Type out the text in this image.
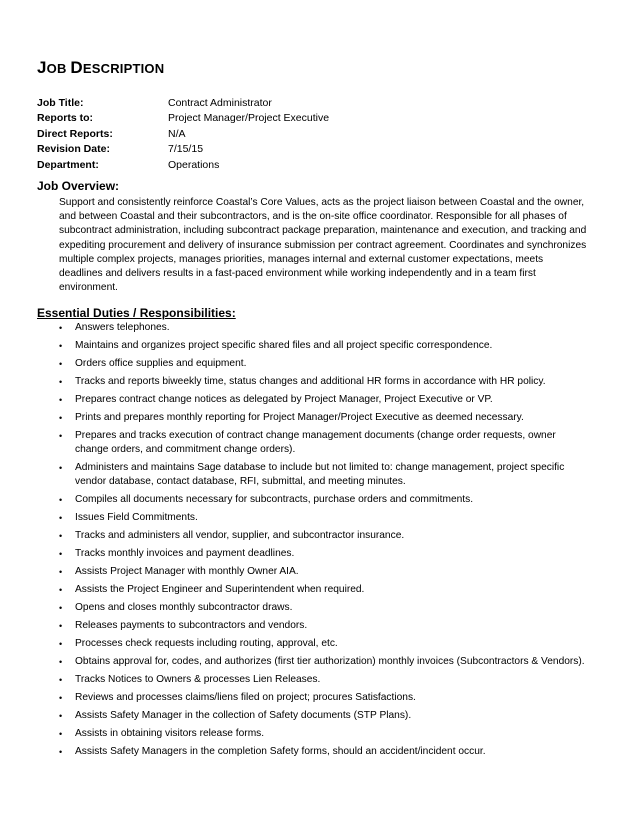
JOB DESCRIPTION
Job Title:	Contract Administrator
Reports to:	Project Manager/Project Executive
Direct Reports:	N/A
Revision Date:	7/15/15
Department:	Operations
Job Overview:
Support and consistently reinforce Coastal’s Core Values, acts as the project liaison between Coastal and the owner, and between Coastal and their subcontractors, and is the on-site office coordinator. Responsible for all phases of subcontract administration, including subcontract package preparation, maintenance and execution, and tracking and expediting procurement and delivery of insurance submission per contract agreement. Coordinates and synchronizes multiple complex projects, manages priorities, manages internal and external customer expectations, meets deadlines and delivers results in a fast-paced environment while working independently and in a team first environment.
Essential Duties / Responsibilities:
• Answers telephones.
• Maintains and organizes project specific shared files and all project specific correspondence.
• Orders office supplies and equipment.
• Tracks and reports biweekly time, status changes and additional HR forms in accordance with HR policy.
• Prepares contract change notices as delegated by Project Manager, Project Executive or VP.
• Prints and prepares monthly reporting for Project Manager/Project Executive as deemed necessary.
• Prepares and tracks execution of contract change management documents (change order requests, owner change orders, and commitment change orders).
• Administers and maintains Sage database to include but not limited to: change management, project specific vendor database, contact database, RFI, submittal, and meeting minutes.
• Compiles all documents necessary for subcontracts, purchase orders and commitments.
• Issues Field Commitments.
• Tracks and administers all vendor, supplier, and subcontractor insurance.
• Tracks monthly invoices and payment deadlines.
• Assists Project Manager with monthly Owner AIA.
• Assists the Project Engineer and Superintendent when required.
• Opens and closes monthly subcontractor draws.
• Releases payments to subcontractors and vendors.
• Processes check requests including routing, approval, etc.
• Obtains approval for, codes, and authorizes (first tier authorization) monthly invoices (Subcontractors & Vendors).
• Tracks Notices to Owners & processes Lien Releases.
• Reviews and processes claims/liens filed on project; procures Satisfactions.
• Assists Safety Manager in the collection of Safety documents (STP Plans).
• Assists in obtaining visitors release forms.
• Assists Safety Managers in the completion Safety forms, should an accident/incident occur.
